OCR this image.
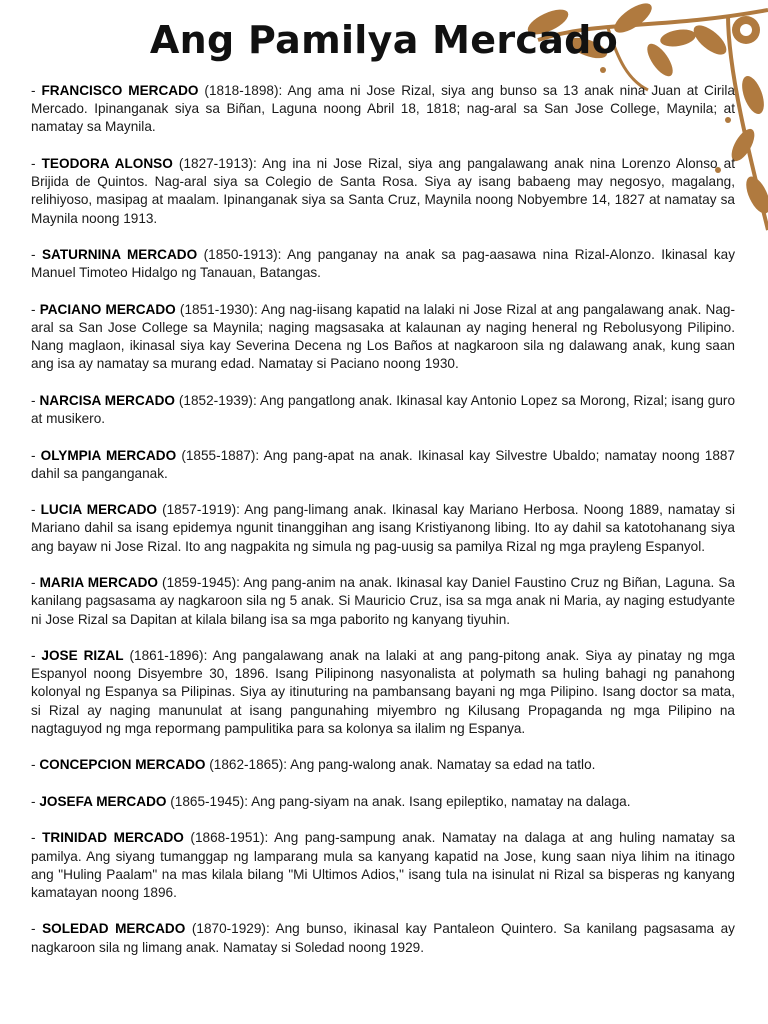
Ang Pamilya Mercado

- FRANCISCO MERCADO (1818-1898): Ang ama ni Jose Rizal, siya ang bunso sa 13 anak nina Juan at Cirila Mercado. Ipinanganak siya sa Biñan, Laguna noong Abril 18, 1818; nag-aral sa San Jose College, Maynila; at namatay sa Maynila.

- TEODORA ALONSO (1827-1913): Ang ina ni Jose Rizal, siya ang pangalawang anak nina Lorenzo Alonso at Brijida de Quintos. Nag-aral siya sa Colegio de Santa Rosa. Siya ay isang babaeng may negosyo, magalang, relihiyoso, masipag at maalam. Ipinanganak siya sa Santa Cruz, Maynila noong Nobyembre 14, 1827 at namatay sa Maynila noong 1913.

- SATURNINA MERCADO (1850-1913): Ang panganay na anak sa pag-aasawa nina Rizal-Alonzo. Ikinasal kay Manuel Timoteo Hidalgo ng Tanauan, Batangas.

- PACIANO MERCADO (1851-1930): Ang nag-iisang kapatid na lalaki ni Jose Rizal at ang pangalawang anak. Nag-aral sa San Jose College sa Maynila; naging magsasaka at kalaunan ay naging heneral ng Rebolusyong Pilipino. Nang maglaon, ikinasal siya kay Severina Decena ng Los Baños at nagkaroon sila ng dalawang anak, kung saan ang isa ay namatay sa murang edad. Namatay si Paciano noong 1930.

- NARCISA MERCADO (1852-1939): Ang pangatlong anak. Ikinasal kay Antonio Lopez sa Morong, Rizal; isang guro at musikero.

- OLYMPIA MERCADO (1855-1887): Ang pang-apat na anak. Ikinasal kay Silvestre Ubaldo; namatay noong 1887 dahil sa panganganak.

- LUCIA MERCADO (1857-1919): Ang pang-limang anak. Ikinasal kay Mariano Herbosa. Noong 1889, namatay si Mariano dahil sa isang epidemya ngunit tinanggihan ang isang Kristiyanong libing. Ito ay dahil sa katotohanang siya ang bayaw ni Jose Rizal. Ito ang nagpakita ng simula ng pag-uusig sa pamilya Rizal ng mga prayleng Espanyol.

- MARIA MERCADO (1859-1945): Ang pang-anim na anak. Ikinasal kay Daniel Faustino Cruz ng Biñan, Laguna. Sa kanilang pagsasama ay nagkaroon sila ng 5 anak. Si Mauricio Cruz, isa sa mga anak ni Maria, ay naging estudyante ni Jose Rizal sa Dapitan at kilala bilang isa sa mga paborito ng kanyang tiyuhin.

- JOSE RIZAL (1861-1896): Ang pangalawang anak na lalaki at ang pang-pitong anak. Siya ay pinatay ng mga Espanyol noong Disyembre 30, 1896. Isang Pilipinong nasyonalista at polymath sa huling bahagi ng panahong kolonyal ng Espanya sa Pilipinas. Siya ay itinuturing na pambansang bayani ng mga Pilipino. Isang doctor sa mata, si Rizal ay naging manunulat at isang pangunahing miyembro ng Kilusang Propaganda ng mga Pilipino na nagtaguyod ng mga repormang pampulitika para sa kolonya sa ilalim ng Espanya.

- CONCEPCION MERCADO (1862-1865): Ang pang-walong anak. Namatay sa edad na tatlo.

- JOSEFA MERCADO (1865-1945): Ang pang-siyam na anak. Isang epileptiko, namatay na dalaga.

- TRINIDAD MERCADO (1868-1951): Ang pang-sampung anak. Namatay na dalaga at ang huling namatay sa pamilya. Ang siyang tumanggap ng lamparang mula sa kanyang kapatid na Jose, kung saan niya lihim na itinago ang "Huling Paalam" na mas kilala bilang "Mi Ultimos Adios," isang tula na isinulat ni Rizal sa bisperas ng kanyang kamatayan noong 1896.

- SOLEDAD MERCADO (1870-1929): Ang bunso, ikinasal kay Pantaleon Quintero. Sa kanilang pagsasama ay nagkaroon sila ng limang anak. Namatay si Soledad noong 1929.
